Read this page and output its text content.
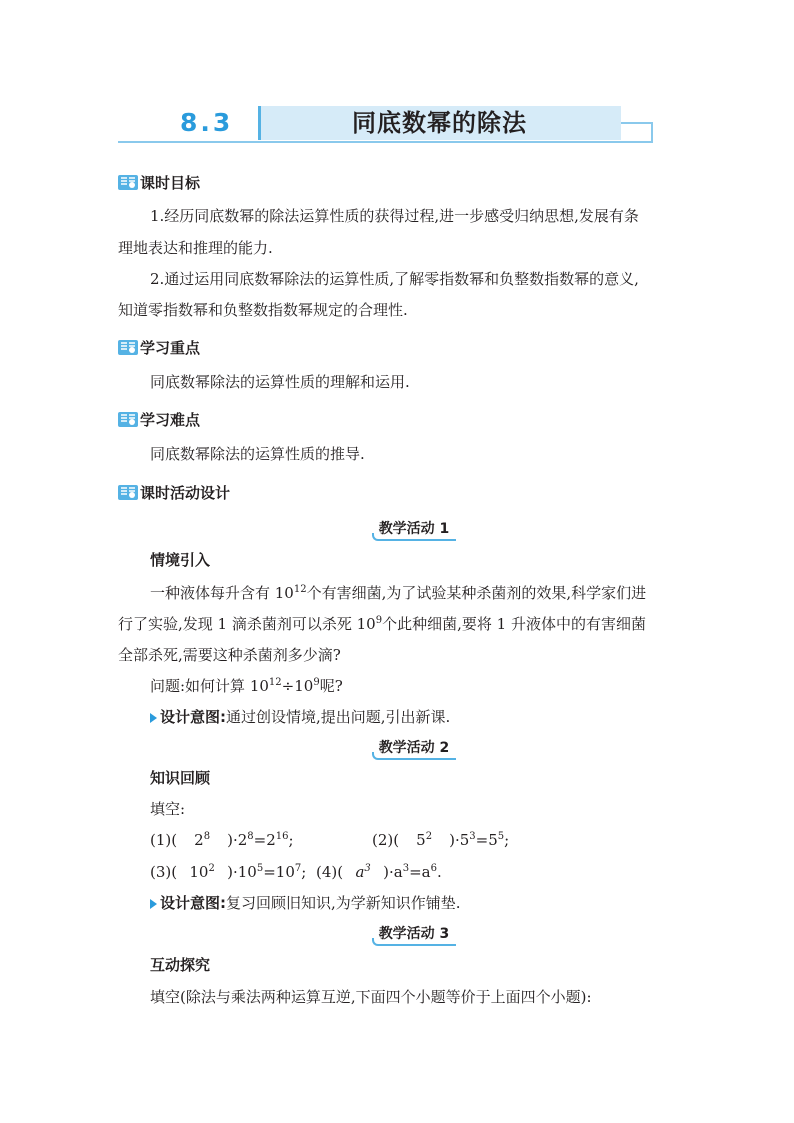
8.3	同底数幂的除法
课时目标
1.经历同底数幂的除法运算性质的获得过程,进一步感受归纳思想,发展有条
理地表达和推理的能力.
2.通过运用同底数幂除法的运算性质,了解零指数幂和负整数指数幂的意义,
知道零指数幂和负整数指数幂规定的合理性.
学习重点
同底数幂除法的运算性质的理解和运用.
学习难点
同底数幂除法的运算性质的推导.
课时活动设计
教学活动 1
情境引入
一种液体每升含有 $10^{12}$个有害细菌,为了试验某种杀菌剂的效果,科学家们进
行了实验,发现 1 滴杀菌剂可以杀死 $10^9$个此种细菌,要将 1 升液体中的有害细菌
全部杀死,需要这种杀菌剂多少滴?
问题:如何计算 $10^{12}\div 10^9$呢?
设计意图:通过创设情境,提出问题,引出新课.
教学活动 2
知识回顾
填空:
(1)( $2^8$ )$\cdot 2^8=2^{16}$;	(2)( $5^2$ )$\cdot 5^3=5^5$;
(3)( $10^2$ )$\cdot 10^5=10^7$; (4)( $a^3$ )$\cdot a^3=a^6$.
设计意图:复习回顾旧知识,为学新知识作铺垫.
教学活动 3
互动探究
填空(除法与乘法两种运算互逆,下面四个小题等价于上面四个小题):
